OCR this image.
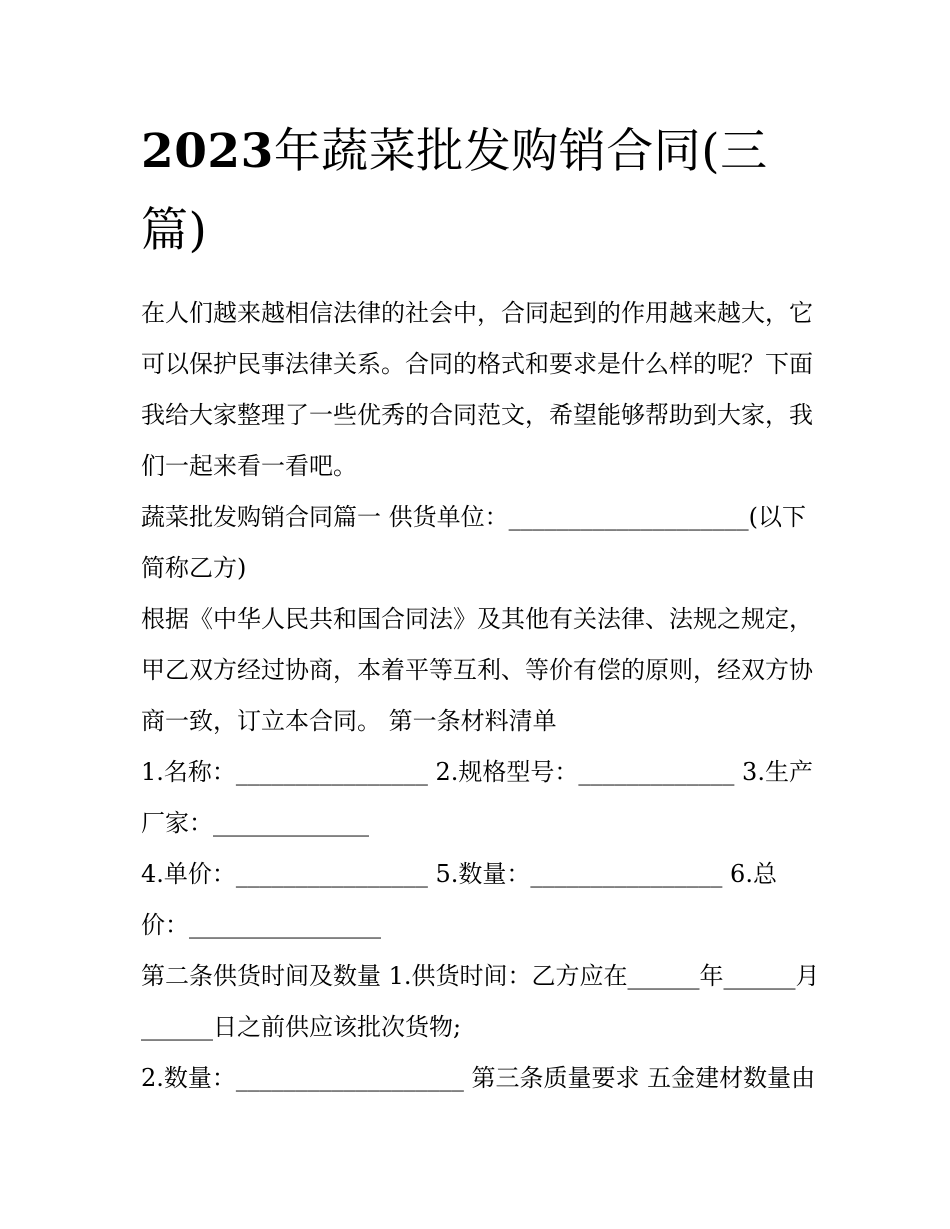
2023年蔬菜批发购销合同(三篇)

在人们越来越相信法律的社会中，合同起到的作用越来越大，它可以保护民事法律关系。合同的格式和要求是什么样的呢？下面我给大家整理了一些优秀的合同范文，希望能够帮助到大家，我们一起来看一看吧。

蔬菜批发购销合同篇一 供货单位：____________________(以下简称乙方)

根据《中华人民共和国合同法》及其他有关法律、法规之规定，甲乙双方经过协商，本着平等互利、等价有偿的原则，经双方协商一致，订立本合同。 第一条材料清单

1.名称：________________ 2.规格型号：_____________ 3.生产厂家：_____________

4.单价：________________ 5.数量：________________ 6.总价：________________

第二条供货时间及数量 1.供货时间：乙方应在______年______月______日之前供应该批次货物;

2.数量：___________________ 第三条质量要求 五金建材数量由
